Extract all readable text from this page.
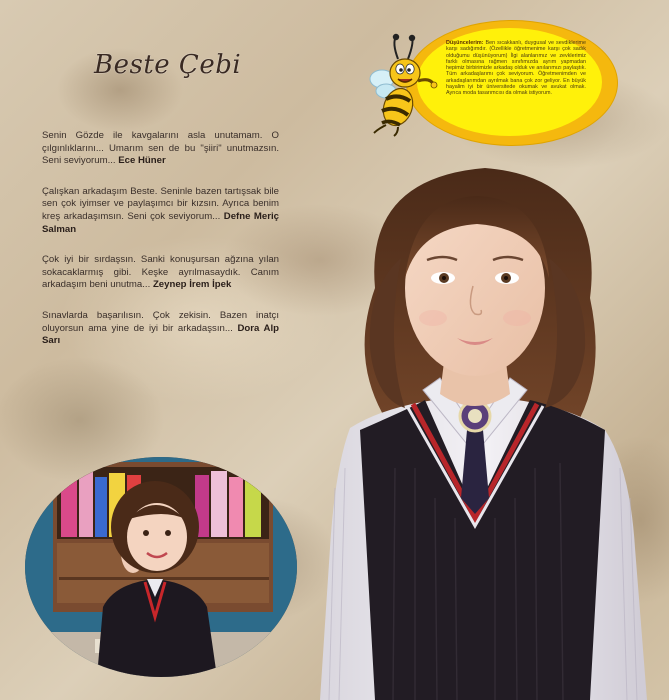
Beste Çebi

Senin Gözde ile kavgalarını asla unutamam. O çılgınlıklarını... Umarım sen de bu "şiiri" unutmazsın. Seni seviyorum... Ece Hüner

Çalışkan arkadaşım Beste. Seninle bazen tartışsak bile sen çok iyimser ve paylaşımcı bir kızsın. Ayrıca benim kreş arkadaşımsın. Seni çok seviyorum... Defne Meriç Salman

Çok iyi bir sırdaşsın. Sanki konuşursan ağzına yılan sokacaklarmış gibi. Keşke ayrılmasaydık. Canım arkadaşım beni unutma... Zeynep İrem İpek

Sınavlarda başarılısın. Çok zekisin. Bazen inatçı oluyorsun ama yine de iyi bir arkadaşsın... Dora Alp Sarı

Düşüncelerim: Ben sıcakkanlı, duygusal ve sevdiklerime karşı sadığımdır. (Özellikle öğretmenime karşı çok sadık olduğumu düşünüyorum) İlgi alanlarımız ve zevklerimiz farklı olmasına rağmen sınıfımızda ayrım yapmadan hepimiz birbirimizle arkadaş olduk ve anılarımızı paylaştık. Tüm arkadaşlarımı çok seviyorum. Öğretmenimden ve arkadaşlarımdan ayrılmak bana çok zor geliyor. En büyük hayalim iyi bir üniversitede okumak ve avukat olmak. Ayrıca moda tasarımcısı da olmak istiyorum.
